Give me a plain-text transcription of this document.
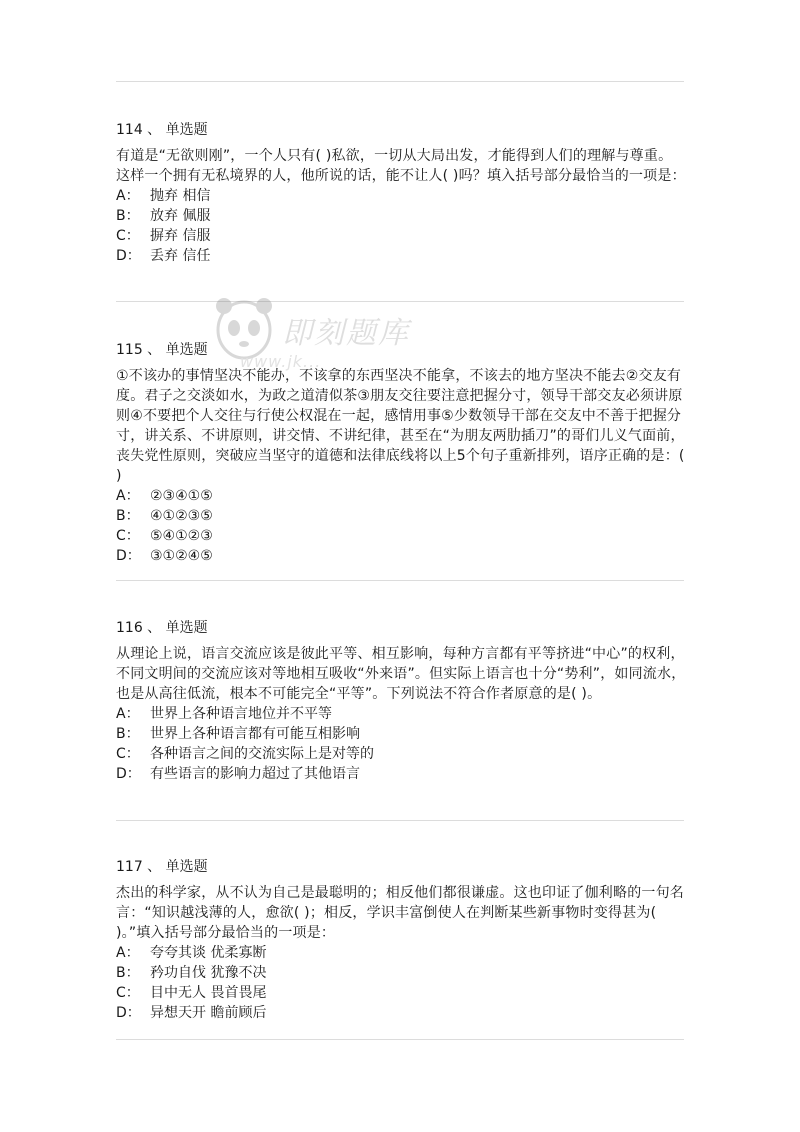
114 、 单选题
有道是“无欲则刚”，一个人只有( )私欲，一切从大局出发，才能得到人们的理解与尊重。这样一个拥有无私境界的人，他所说的话，能不让人( )吗？填入括号部分最恰当的一项是：
A： 抛弃 相信
B： 放弃 佩服
C： 摒弃 信服
D： 丢弃 信任
115 、 单选题
①不该办的事情坚决不能办，不该拿的东西坚决不能拿，不该去的地方坚决不能去②交友有度。君子之交淡如水，为政之道清似茶③朋友交往要注意把握分寸，领导干部交友必须讲原则④不要把个人交往与行使公权混在一起，感情用事⑤少数领导干部在交友中不善于把握分寸，讲关系、不讲原则，讲交情、不讲纪律，甚至在“为朋友两肋插刀”的哥们儿义气面前，丧失党性原则，突破应当坚守的道德和法律底线将以上5个句子重新排列，语序正确的是：( )
A： ②③④①⑤
B： ④①②③⑤
C： ⑤④①②③
D： ③①②④⑤
116 、 单选题
从理论上说，语言交流应该是彼此平等、相互影响，每种方言都有平等挤进“中心”的权利，不同文明间的交流应该对等地相互吸收“外来语”。但实际上语言也十分“势利”，如同流水，也是从高往低流，根本不可能完全“平等”。下列说法不符合作者原意的是( )。
A： 世界上各种语言地位并不平等
B： 世界上各种语言都有可能互相影响
C： 各种语言之间的交流实际上是对等的
D： 有些语言的影响力超过了其他语言
117 、 单选题
杰出的科学家，从不认为自己是最聪明的；相反他们都很谦虚。这也印证了伽利略的一句名言：“知识越浅薄的人，愈欲( )；相反，学识丰富倒使人在判断某些新事物时变得甚为( )。”填入括号部分最恰当的一项是：
A： 夸夸其谈 优柔寡断
B： 矜功自伐 犹豫不决
C： 目中无人 畏首畏尾
D： 异想天开 瞻前顾后
即刻题库
www.jk...
